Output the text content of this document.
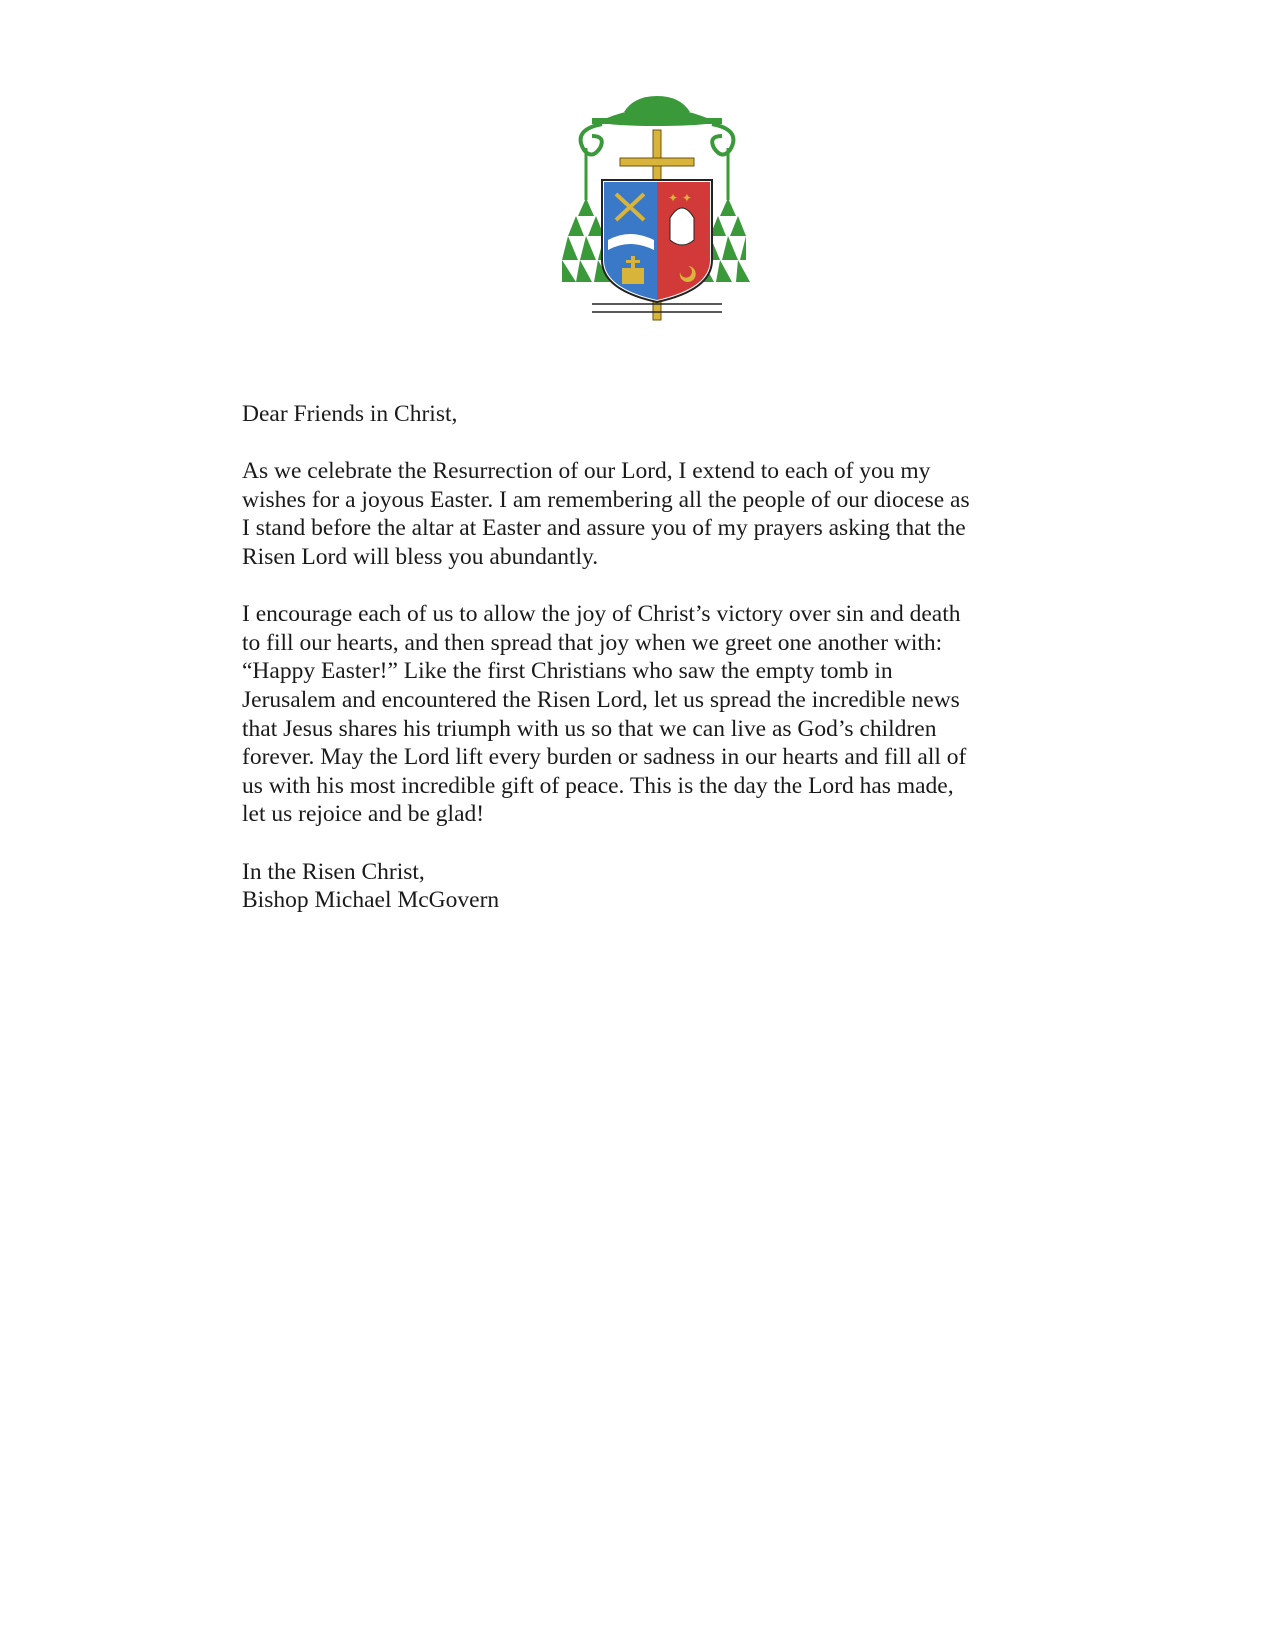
✦ ✦

Dear Friends in Christ,

As we celebrate the Resurrection of our Lord, I extend to each of you my
wishes for a joyous Easter. I am remembering all the people of our diocese as
I stand before the altar at Easter and assure you of my prayers asking that the
Risen Lord will bless you abundantly.

I encourage each of us to allow the joy of Christ’s victory over sin and death
to fill our hearts, and then spread that joy when we greet one another with:
“Happy Easter!” Like the first Christians who saw the empty tomb in
Jerusalem and encountered the Risen Lord, let us spread the incredible news
that Jesus shares his triumph with us so that we can live as God’s children
forever. May the Lord lift every burden or sadness in our hearts and fill all of
us with his most incredible gift of peace. This is the day the Lord has made,
let us rejoice and be glad!

In the Risen Christ,
Bishop Michael McGovern
